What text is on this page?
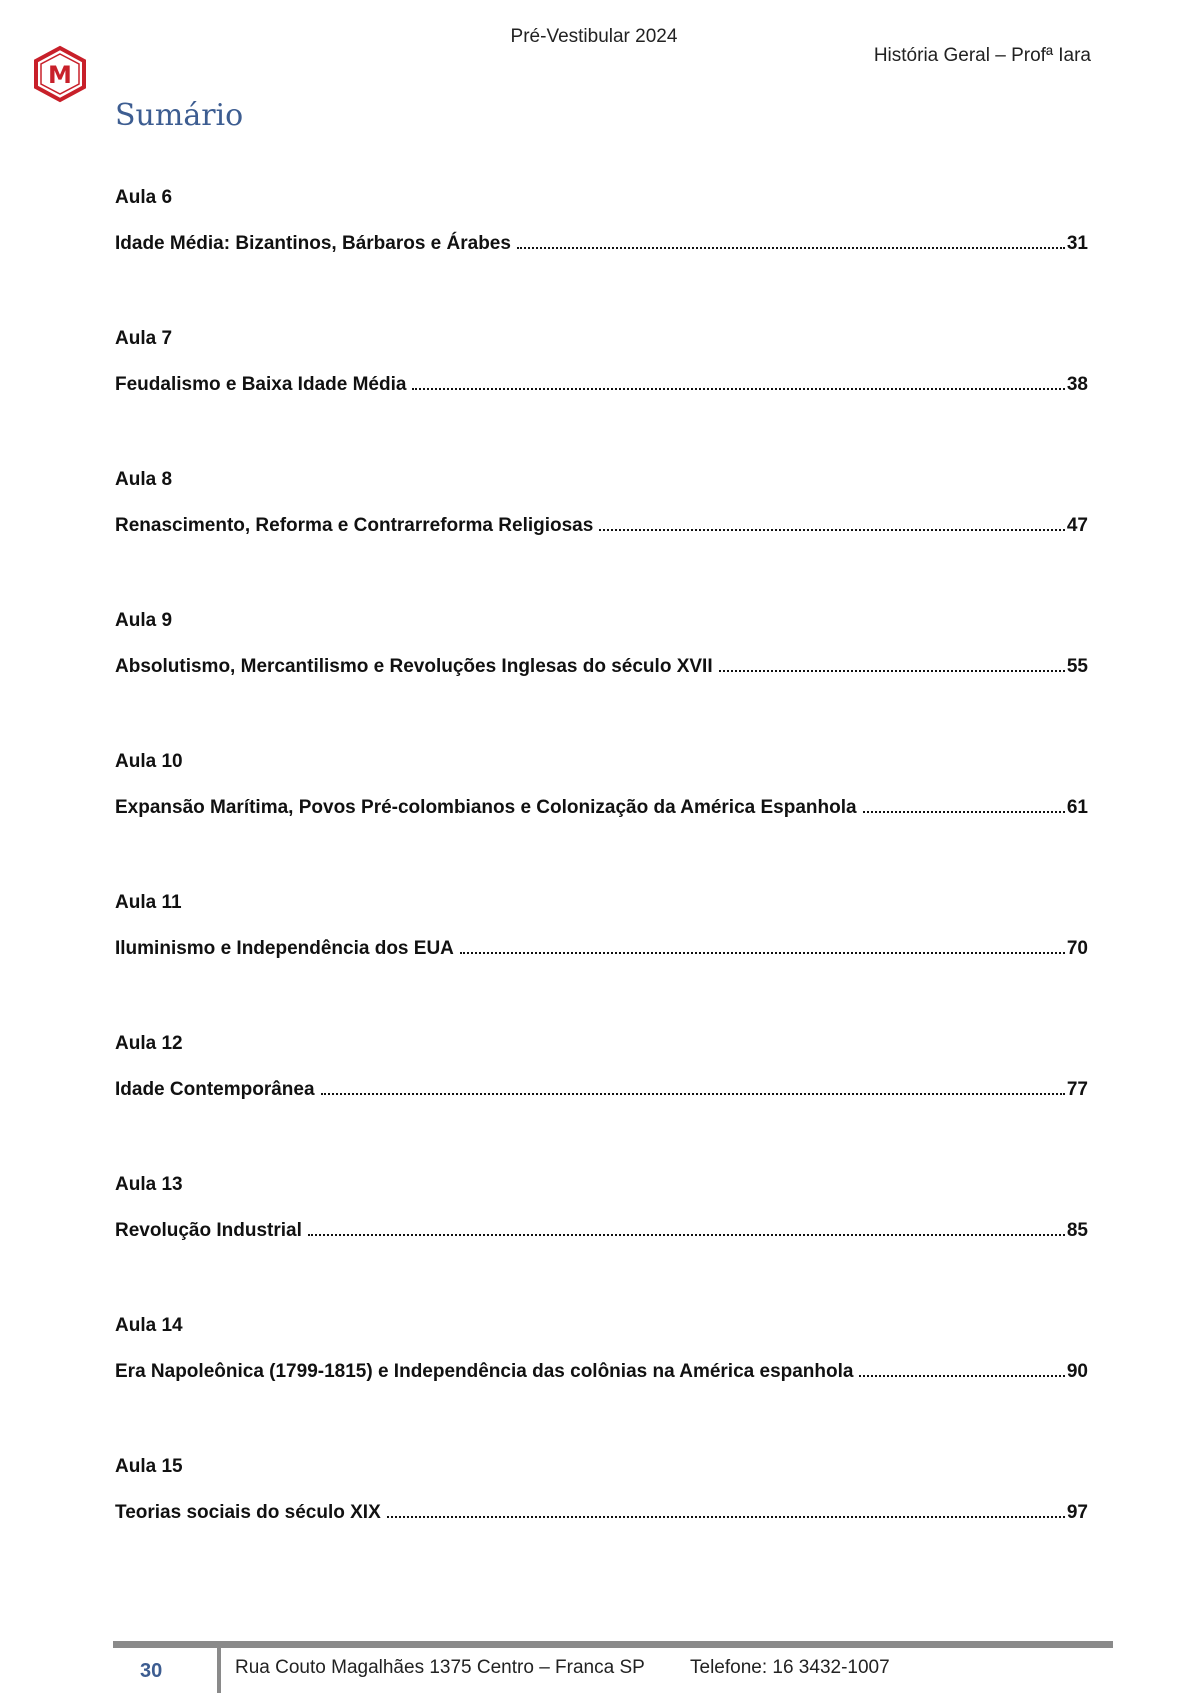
Pré-Vestibular 2024
História Geral – Profª Iara
M
Sumário
Aula 6
Idade Média: Bizantinos, Bárbaros e Árabes	31
Aula 7
Feudalismo e Baixa Idade Média	38
Aula 8
Renascimento, Reforma e Contrarreforma Religiosas	47
Aula 9
Absolutismo, Mercantilismo e Revoluções Inglesas do século XVII	55
Aula 10
Expansão Marítima, Povos Pré-colombianos e Colonização da América Espanhola	61
Aula 11
Iluminismo e Independência dos EUA	70
Aula 12
Idade Contemporânea	77
Aula 13
Revolução Industrial	85
Aula 14
Era Napoleônica (1799-1815) e Independência das colônias na América espanhola	90
Aula 15
Teorias sociais do século XIX	97
30	Rua Couto Magalhães 1375 Centro – Franca SP Telefone: 16 3432-1007
